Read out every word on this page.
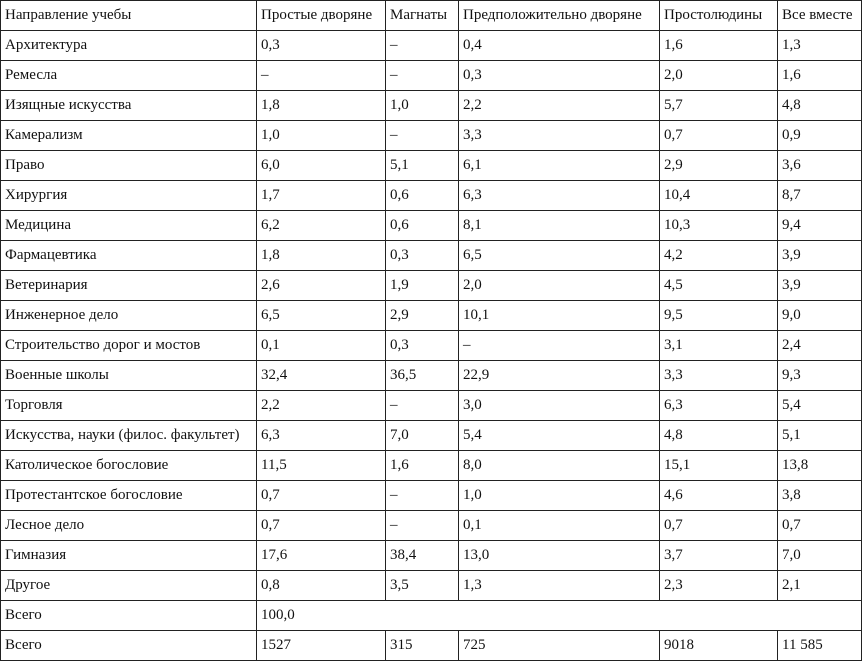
Направление учебы	Простые дворяне	Магнаты	Предположительно дворяне	Простолюдины	Все вместе
Архитектура	0,3	–	0,4	1,6	1,3
Ремесла	–	–	0,3	2,0	1,6
Изящные искусства	1,8	1,0	2,2	5,7	4,8
Камерализм	1,0	–	3,3	0,7	0,9
Право	6,0	5,1	6,1	2,9	3,6
Хирургия	1,7	0,6	6,3	10,4	8,7
Медицина	6,2	0,6	8,1	10,3	9,4
Фармацевтика	1,8	0,3	6,5	4,2	3,9
Ветеринария	2,6	1,9	2,0	4,5	3,9
Инженерное дело	6,5	2,9	10,1	9,5	9,0
Строительство дорог и мостов	0,1	0,3	–	3,1	2,4
Военные школы	32,4	36,5	22,9	3,3	9,3
Торговля	2,2	–	3,0	6,3	5,4
Искусства, науки (филос. факультет)	6,3	7,0	5,4	4,8	5,1
Католическое богословие	11,5	1,6	8,0	15,1	13,8
Протестантское богословие	0,7	–	1,0	4,6	3,8
Лесное дело	0,7	–	0,1	0,7	0,7
Гимназия	17,6	38,4	13,0	3,7	7,0
Другое	0,8	3,5	1,3	2,3	2,1
Всего	100,0				
Всего	1527	315	725	9018	11 585
